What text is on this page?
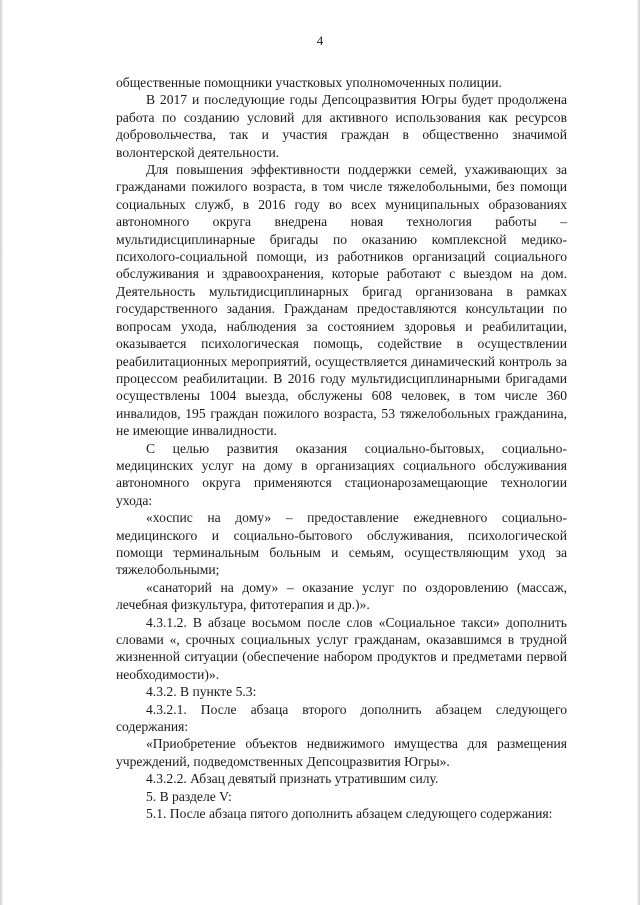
4

общественные помощники участковых уполномоченных полиции.

В 2017 и последующие годы Депсоцразвития Югры будет продолжена работа по созданию условий для активного использования как ресурсов добровольчества, так и участия граждан в общественно значимой волонтерской деятельности.

Для повышения эффективности поддержки семей, ухаживающих за гражданами пожилого возраста, в том числе тяжелобольными, без помощи социальных служб, в 2016 году во всех муниципальных образованиях автономного округа внедрена новая технология работы – мультидисциплинарные бригады по оказанию комплексной медико-психолого-социальной помощи, из работников организаций социального обслуживания и здравоохранения, которые работают с выездом на дом. Деятельность мультидисциплинарных бригад организована в рамках государственного задания. Гражданам предоставляются консультации по вопросам ухода, наблюдения за состоянием здоровья и реабилитации, оказывается психологическая помощь, содействие в осуществлении реабилитационных мероприятий, осуществляется динамический контроль за процессом реабилитации. В 2016 году мультидисциплинарными бригадами осуществлены 1004 выезда, обслужены 608 человек, в том числе 360 инвалидов, 195 граждан пожилого возраста, 53 тяжелобольных гражданина, не имеющие инвалидности.

С целью развития оказания социально-бытовых, социально-медицинских услуг на дому в организациях социального обслуживания автономного округа применяются стационарозамещающие технологии ухода:

«хоспис на дому» – предоставление ежедневного социально-медицинского и социально-бытового обслуживания, психологической помощи терминальным больным и семьям, осуществляющим уход за тяжелобольными;

«санаторий на дому» – оказание услуг по оздоровлению (массаж, лечебная физкультура, фитотерапия и др.)».

4.3.1.2. В абзаце восьмом после слов «Социальное такси» дополнить словами «, срочных социальных услуг гражданам, оказавшимся в трудной жизненной ситуации (обеспечение набором продуктов и предметами первой необходимости)».

4.3.2. В пункте 5.3:

4.3.2.1. После абзаца второго дополнить абзацем следующего содержания:

«Приобретение объектов недвижимого имущества для размещения учреждений, подведомственных Депсоцразвития Югры».

4.3.2.2. Абзац девятый признать утратившим силу.

5. В разделе V:

5.1. После абзаца пятого дополнить абзацем следующего содержания:
